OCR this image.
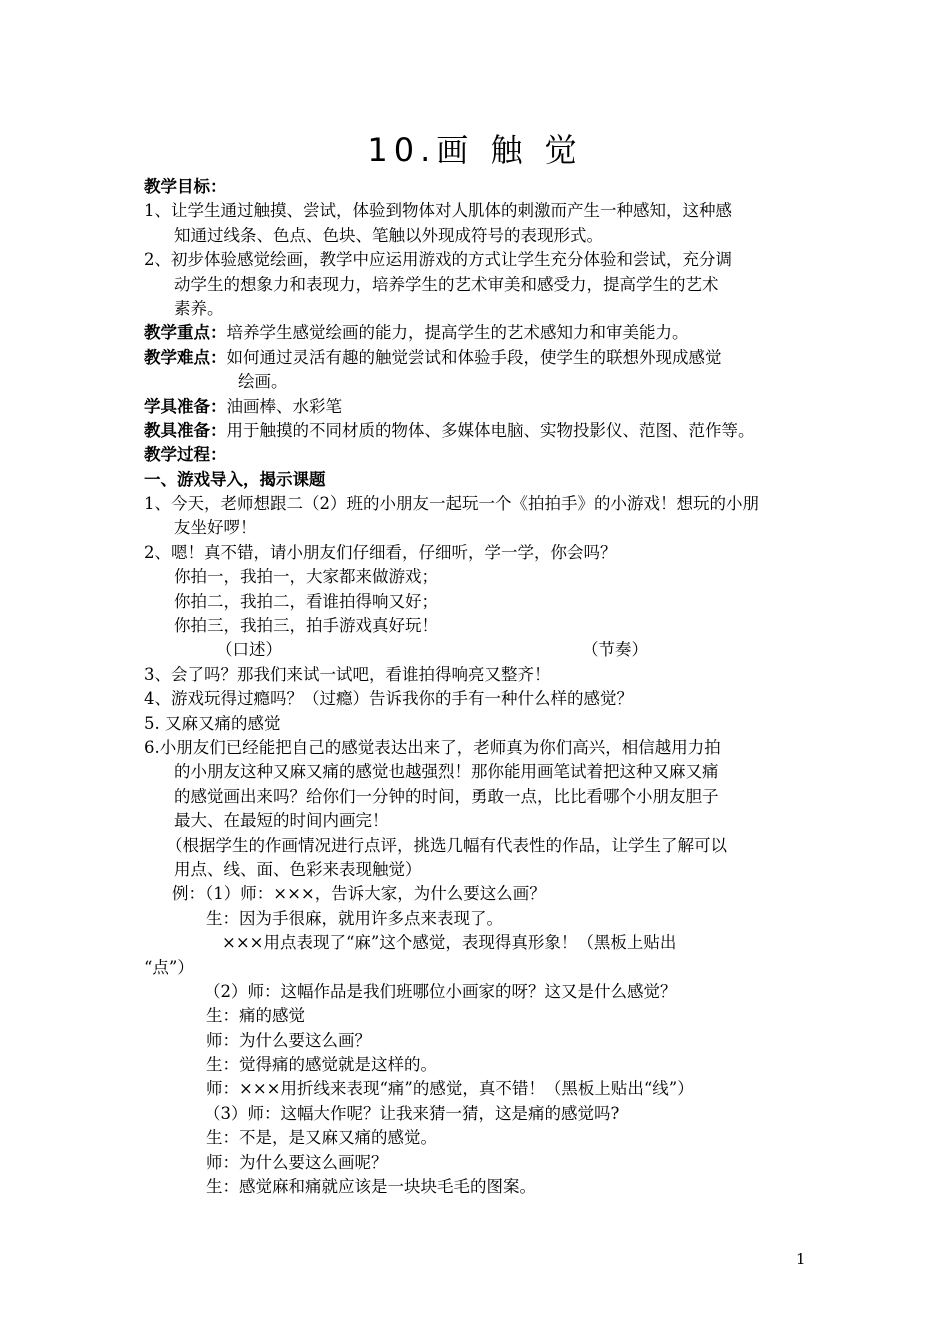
10.画 触 觉
教学目标：
1、让学生通过触摸、尝试，体验到物体对人肌体的刺激而产生一种感知，这种感
知通过线条、色点、色块、笔触以外现成符号的表现形式。
2、初步体验感觉绘画，教学中应运用游戏的方式让学生充分体验和尝试，充分调
动学生的想象力和表现力，培养学生的艺术审美和感受力，提高学生的艺术
素养。
教学重点：培养学生感觉绘画的能力，提高学生的艺术感知力和审美能力。
教学难点：如何通过灵活有趣的触觉尝试和体验手段，使学生的联想外现成感觉
绘画。
学具准备：油画棒、水彩笔
教具准备：用于触摸的不同材质的物体、多媒体电脑、实物投影仪、范图、范作等。
教学过程：
一、游戏导入，揭示课题
1、今天，老师想跟二（2）班的小朋友一起玩一个《拍拍手》的小游戏！想玩的小朋
友坐好啰！
2、嗯！真不错，请小朋友们仔细看，仔细听，学一学，你会吗？
你拍一，我拍一，大家都来做游戏；
你拍二，我拍二，看谁拍得响又好；
你拍三，我拍三，拍手游戏真好玩！
（口述）	（节奏）
3、会了吗？那我们来试一试吧，看谁拍得响亮又整齐！
4、游戏玩得过瘾吗？（过瘾）告诉我你的手有一种什么样的感觉？
5. 又麻又痛的感觉
6.小朋友们已经能把自己的感觉表达出来了，老师真为你们高兴，相信越用力拍
的小朋友这种又麻又痛的感觉也越强烈！那你能用画笔试着把这种又麻又痛
的感觉画出来吗？给你们一分钟的时间，勇敢一点，比比看哪个小朋友胆子
最大、在最短的时间内画完！
（根据学生的作画情况进行点评，挑选几幅有代表性的作品，让学生了解可以
用点、线、面、色彩来表现触觉）
例：（1）师：×××，告诉大家，为什么要这么画？
生：因为手很麻，就用许多点来表现了。
×××用点表现了“麻”这个感觉，表现得真形象！（黑板上贴出
“点”）
（2）师：这幅作品是我们班哪位小画家的呀？这又是什么感觉？
生：痛的感觉
师：为什么要这么画？
生：觉得痛的感觉就是这样的。
师：×××用折线来表现“痛”的感觉，真不错！（黑板上贴出“线”）
（3）师：这幅大作呢？让我来猜一猜，这是痛的感觉吗?
生：不是，是又麻又痛的感觉。
师：为什么要这么画呢？
生：感觉麻和痛就应该是一块块毛毛的图案。
1
